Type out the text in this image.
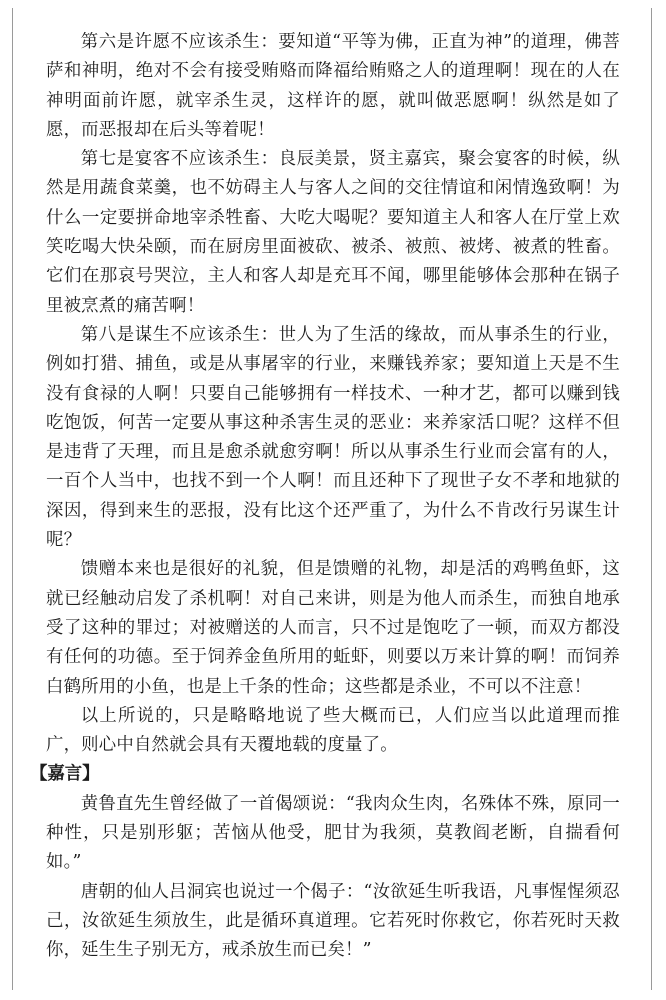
第六是许愿不应该杀生：要知道“平等为佛，正直为神”的道理，佛菩萨和神明，绝对不会有接受贿赂而降福给贿赂之人的道理啊！现在的人在神明面前许愿，就宰杀生灵，这样许的愿，就叫做恶愿啊！纵然是如了愿，而恶报却在后头等着呢！

第七是宴客不应该杀生：良辰美景，贤主嘉宾，聚会宴客的时候，纵然是用蔬食菜羹，也不妨碍主人与客人之间的交往情谊和闲情逸致啊！为什么一定要拼命地宰杀牲畜、大吃大喝呢？要知道主人和客人在厅堂上欢笑吃喝大快朵颐，而在厨房里面被砍、被杀、被煎、被烤、被煮的牲畜。它们在那哀号哭泣，主人和客人却是充耳不闻，哪里能够体会那种在锅子里被烹煮的痛苦啊！

第八是谋生不应该杀生：世人为了生活的缘故，而从事杀生的行业，例如打猎、捕鱼，或是从事屠宰的行业，来赚钱养家；要知道上天是不生没有食禄的人啊！只要自己能够拥有一样技术、一种才艺，都可以赚到钱吃饱饭，何苦一定要从事这种杀害生灵的恶业：来养家活口呢？这样不但是违背了天理，而且是愈杀就愈穷啊！所以从事杀生行业而会富有的人，一百个人当中，也找不到一个人啊！而且还种下了现世子女不孝和地狱的深因，得到来生的恶报，没有比这个还严重了，为什么不肯改行另谋生计呢？

馈赠本来也是很好的礼貌，但是馈赠的礼物，却是活的鸡鸭鱼虾，这就已经触动启发了杀机啊！对自己来讲，则是为他人而杀生，而独自地承受了这种的罪过；对被赠送的人而言，只不过是饱吃了一顿，而双方都没有任何的功德。至于饲养金鱼所用的蚯虾，则要以万来计算的啊！而饲养白鹤所用的小鱼，也是上千条的性命；这些都是杀业，不可以不注意！

以上所说的，只是略略地说了些大概而已，人们应当以此道理而推广，则心中自然就会具有天覆地载的度量了。

【嘉言】

黄鲁直先生曾经做了一首偈颂说：“我肉众生肉，名殊体不殊，原同一种性，只是别形躯；苦恼从他受，肥甘为我须，莫教阎老断，自揣看何如。”

唐朝的仙人吕洞宾也说过一个偈子：“汝欲延生听我语，凡事惺惺须忍己，汝欲延生须放生，此是循环真道理。它若死时你救它，你若死时天救你，延生生子别无方，戒杀放生而已矣！”
